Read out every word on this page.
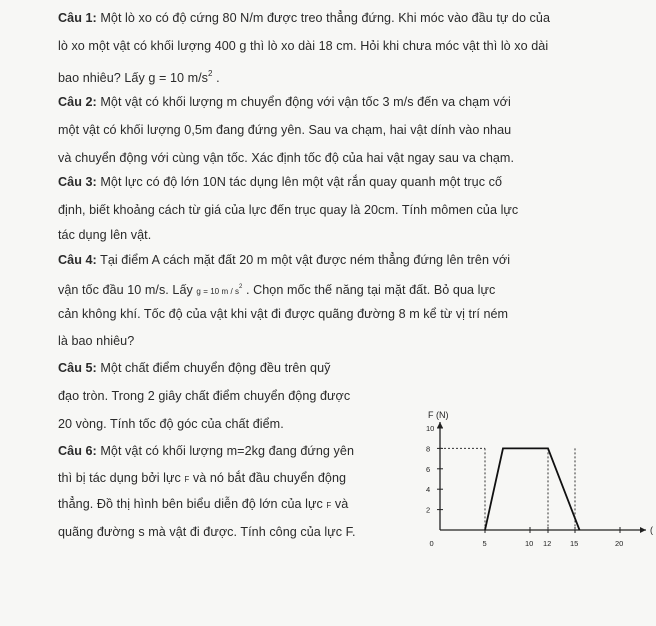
Câu 1: Một lò xo có độ cứng 80 N/m được treo thẳng đứng. Khi móc vào đầu tự do của
lò xo một vật có khối lượng 400 g thì lò xo dài 18 cm. Hỏi khi chưa móc vật thì lò xo dài
bao nhiêu? Lấy g = 10 $m/s^2$ .
Câu 2: Một vật có khối lượng m chuyển động với vận tốc 3 m/s đến va chạm với
một vật có khối lượng 0,5m đang đứng yên. Sau va chạm, hai vật dính vào nhau
và chuyển động với cùng vận tốc. Xác định tốc độ của hai vật ngay sau va chạm.
Câu 3: Một lực có độ lớn 10N tác dụng lên một vật rắn quay quanh một trục cố
định, biết khoảng cách từ giá của lực đến trục quay là 20cm. Tính mômen của lực
tác dụng lên vật.
Câu 4: Tại điểm A cách mặt đất 20 m một vật được ném thẳng đứng lên trên với
vận tốc đầu 10 m/s. Lấy g = 10 m / $s^2$ . Chọn mốc thế năng tại mặt đất. Bỏ qua lực
cản không khí. Tốc độ của vật khi vật đi được quãng đường 8 m kể từ vị trí ném
là bao nhiêu?
Câu 5: Một chất điểm chuyển động đều trên quỹ
đạo tròn. Trong 2 giây chất điểm chuyển động được
20 vòng. Tính tốc độ góc của chất điểm.
Câu 6: Một vật có khối lượng m=2kg đang đứng yên
thì bị tác dụng bởi lực F và nó bắt đầu chuyển động
thẳng. Đồ thị hình bên biểu diễn độ lớn của lực F và
quãng đường s mà vật đi được. Tính công của lực F.
F (N)
(
2
4
6
8
10
0	5	10 12 15	20
